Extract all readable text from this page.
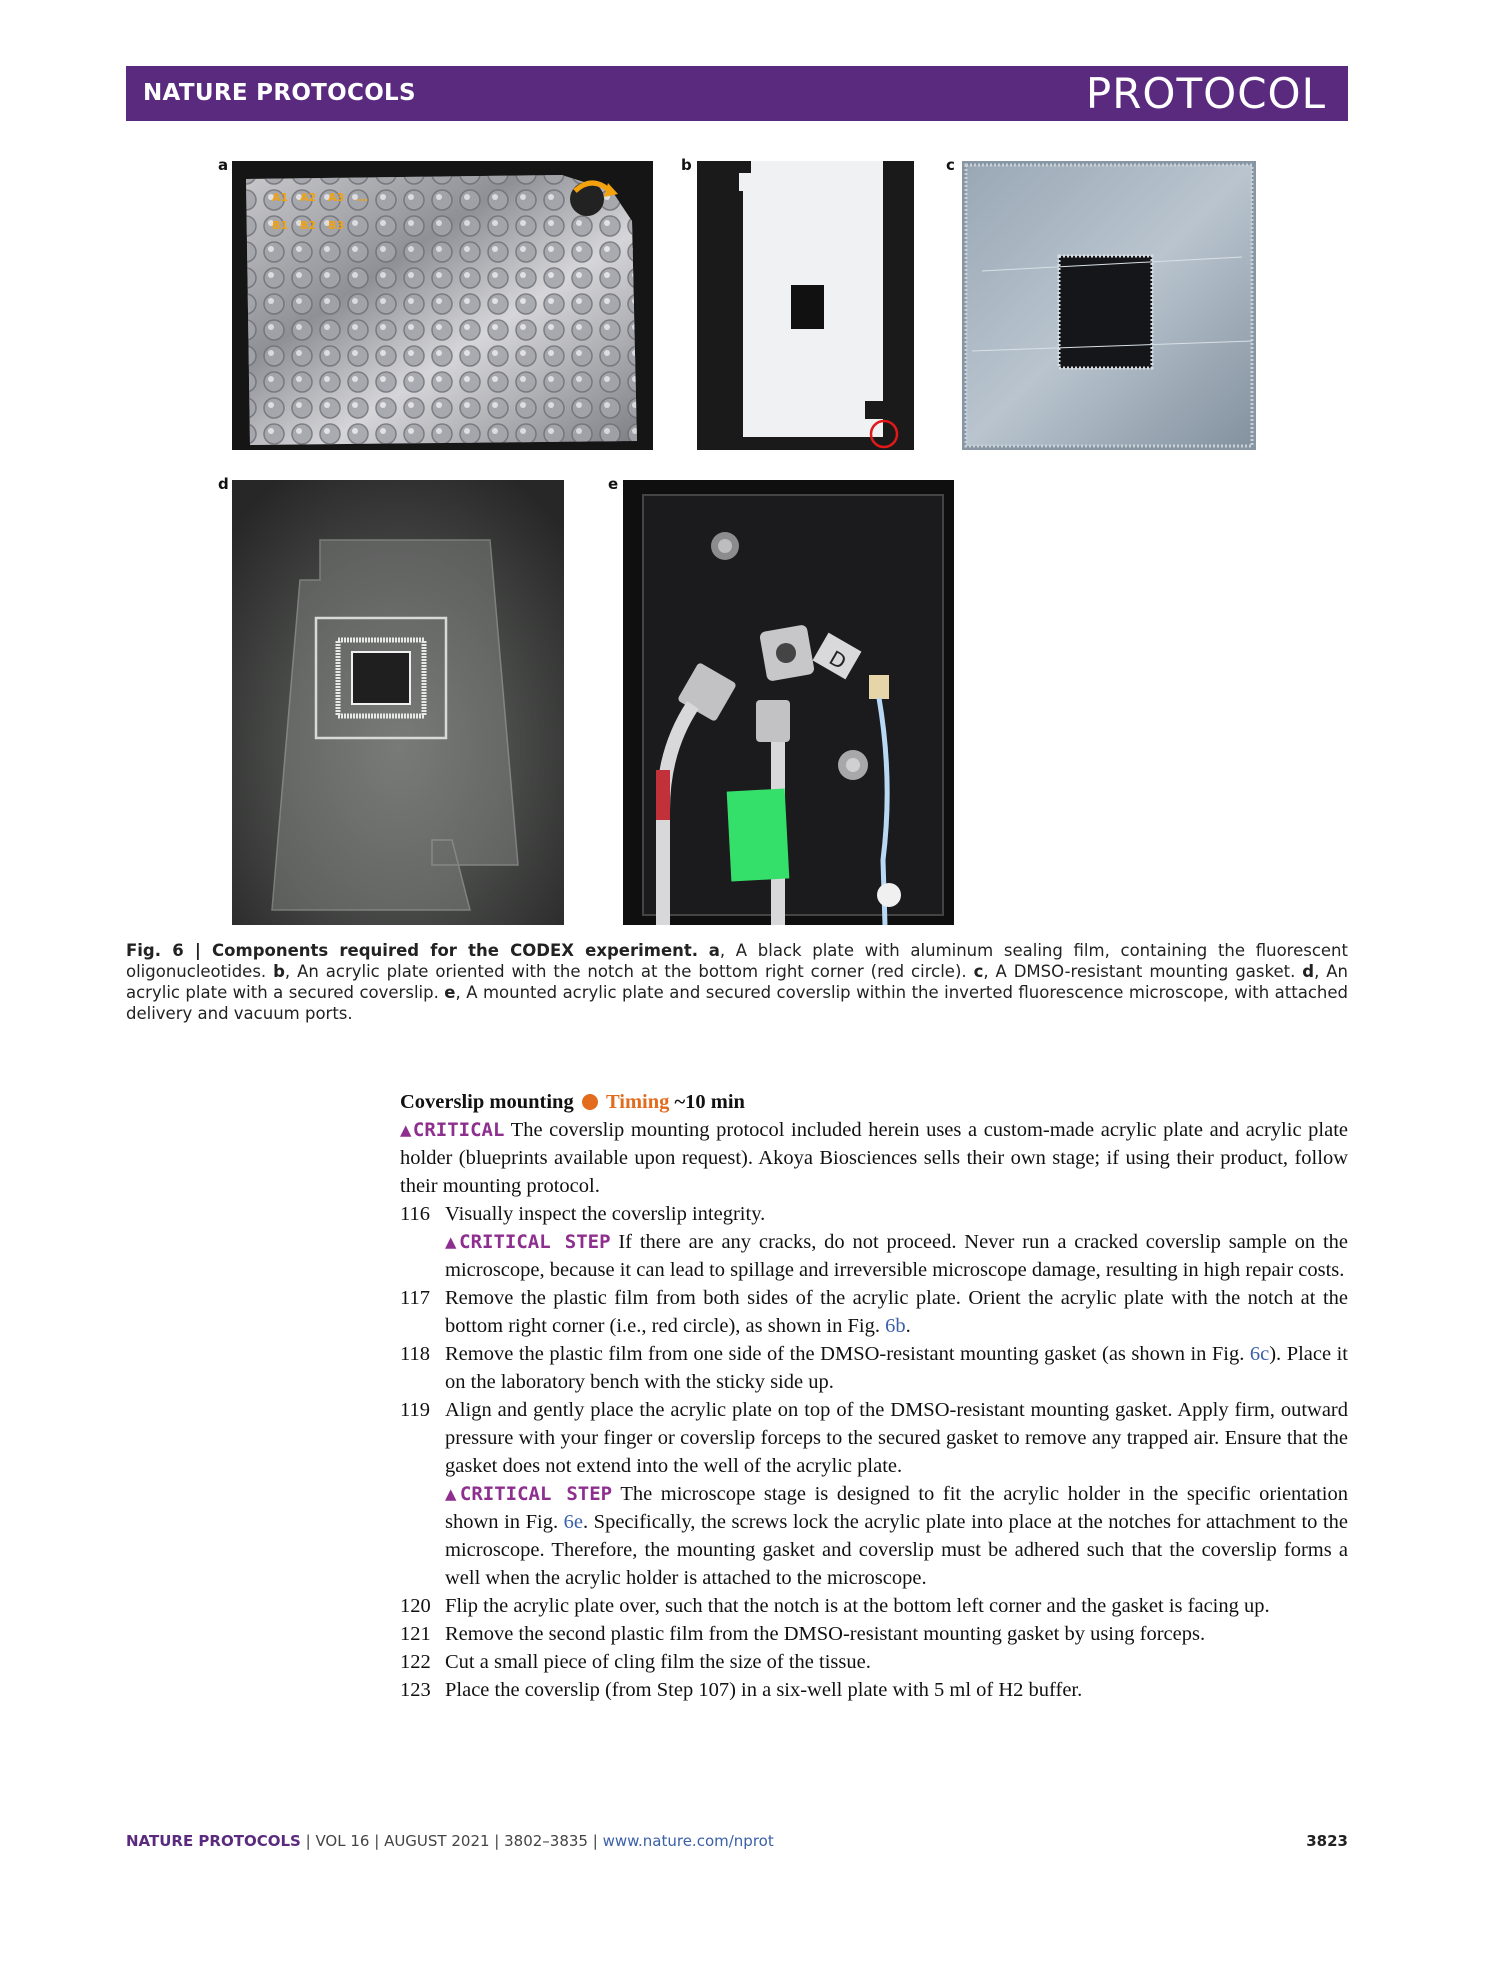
NATURE PROTOCOLS	PROTOCOL
a
A1 A2 A3 ...
B1 B2 B3
b	c
d	e
D
Fig. 6 | Components required for the CODEX experiment. a, A black plate with aluminum sealing film, containing the fluorescent oligonucleotides. b, An acrylic plate oriented with the notch at the bottom right corner (red circle). c, A DMSO-resistant mounting gasket. d, An acrylic plate with a secured coverslip. e, A mounted acrylic plate and secured coverslip within the inverted fluorescence microscope, with attached delivery and vacuum ports.
Coverslip mounting Timing ~10 min
▲CRITICAL The coverslip mounting protocol included herein uses a custom-made acrylic plate and acrylic plate holder (blueprints available upon request). Akoya Biosciences sells their own stage; if using their product, follow their mounting protocol.
116 Visually inspect the coverslip integrity.
▲CRITICAL STEP If there are any cracks, do not proceed. Never run a cracked coverslip sample on the microscope, because it can lead to spillage and irreversible microscope damage, resulting in high repair costs.
117 Remove the plastic film from both sides of the acrylic plate. Orient the acrylic plate with the notch at the bottom right corner (i.e., red circle), as shown in Fig. 6b.
118 Remove the plastic film from one side of the DMSO-resistant mounting gasket (as shown in Fig. 6c). Place it on the laboratory bench with the sticky side up.
119 Align and gently place the acrylic plate on top of the DMSO-resistant mounting gasket. Apply firm, outward pressure with your finger or coverslip forceps to the secured gasket to remove any trapped air. Ensure that the gasket does not extend into the well of the acrylic plate.
▲CRITICAL STEP The microscope stage is designed to fit the acrylic holder in the specific orientation shown in Fig. 6e. Specifically, the screws lock the acrylic plate into place at the notches for attachment to the microscope. Therefore, the mounting gasket and coverslip must be adhered such that the coverslip forms a well when the acrylic holder is attached to the microscope.
120 Flip the acrylic plate over, such that the notch is at the bottom left corner and the gasket is facing up.
121 Remove the second plastic film from the DMSO-resistant mounting gasket by using forceps.
122 Cut a small piece of cling film the size of the tissue.
123 Place the coverslip (from Step 107) in a six-well plate with 5 ml of H2 buffer.
NATURE PROTOCOLS | VOL 16 | AUGUST 2021 | 3802–3835 | www.nature.com/nprot	3823
